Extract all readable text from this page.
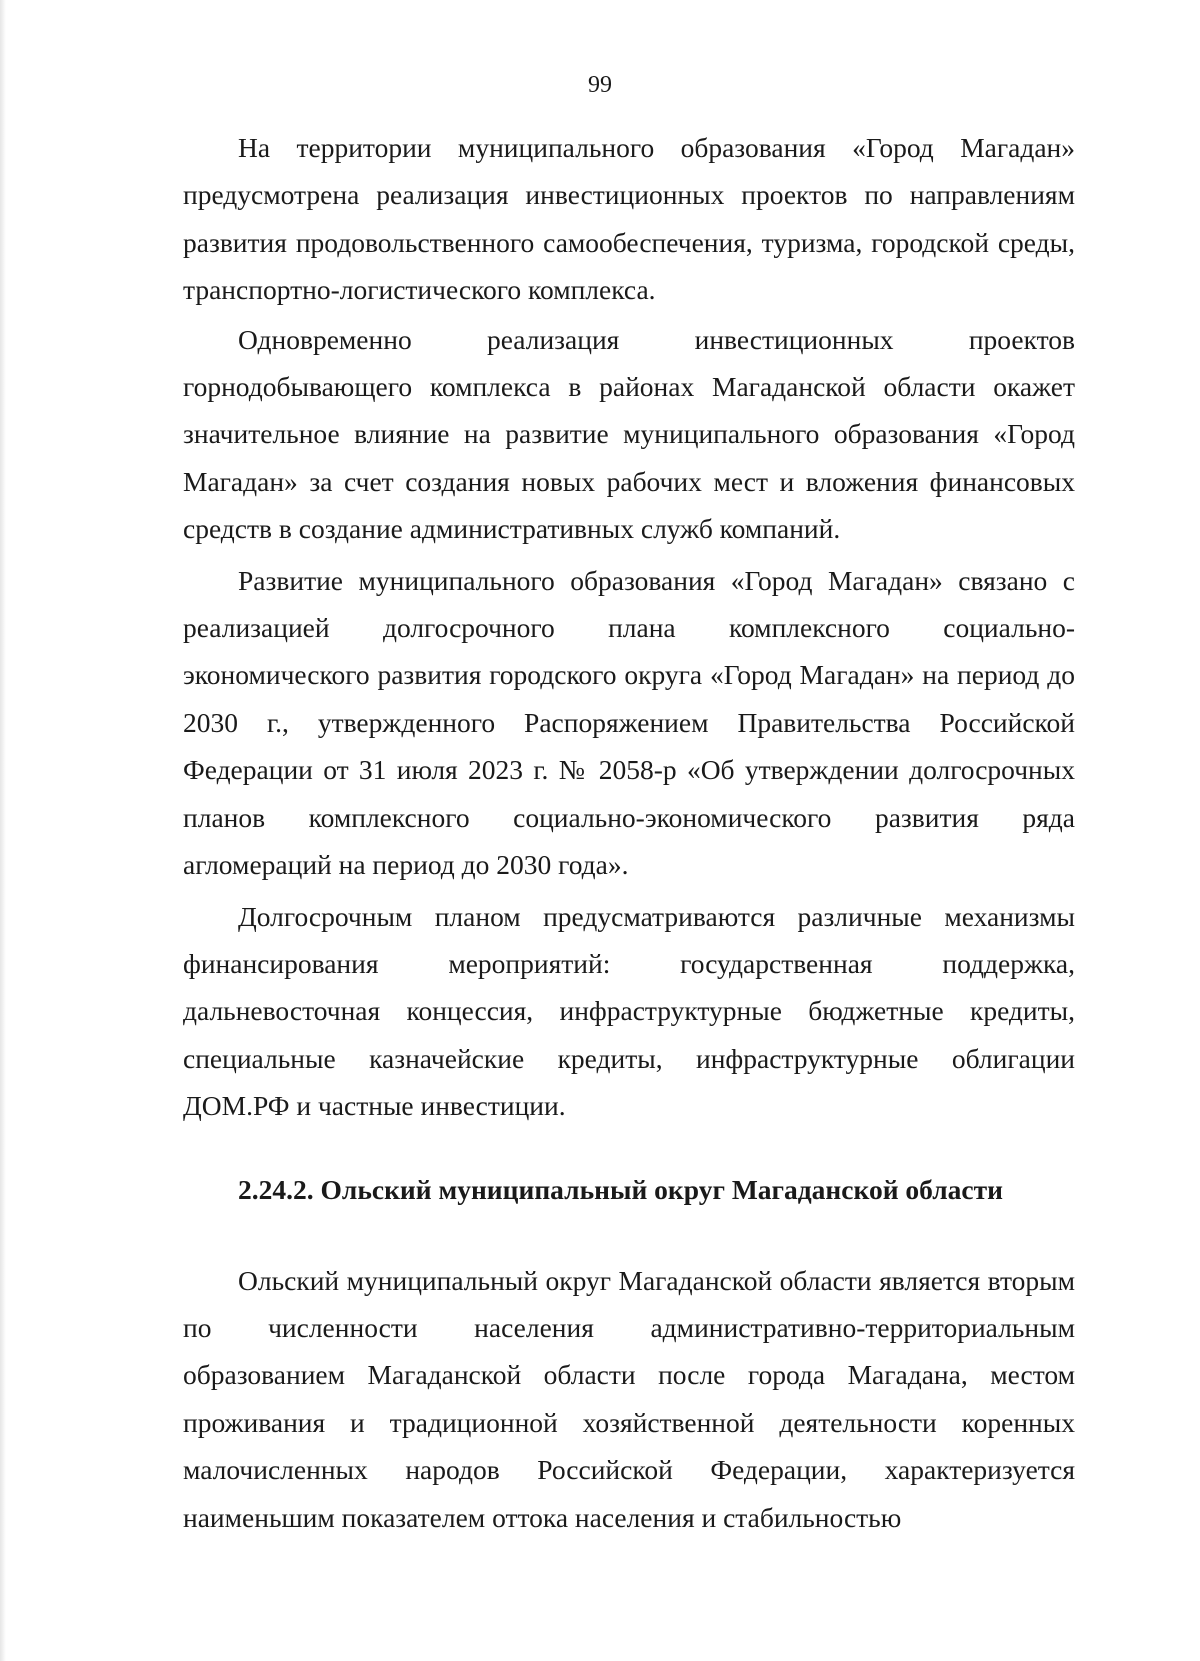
99

На территории муниципального образования «Город Магадан» предусмотрена реализация инвестиционных проектов по направлениям развития продовольственного самообеспечения, туризма, городской среды, транспортно-логистического комплекса.

Одновременно реализация инвестиционных проектов горнодобывающего комплекса в районах Магаданской области окажет значительное влияние на развитие муниципального образования «Город Магадан» за счет создания новых рабочих мест и вложения финансовых средств в создание административных служб компаний.

Развитие муниципального образования «Город Магадан» связано с реализацией долгосрочного плана комплексного социально-экономического развития городского округа «Город Магадан» на период до 2030 г., утвержденного Распоряжением Правительства Российской Федерации от 31 июля 2023 г. № 2058-р «Об утверждении долгосрочных планов комплексного социально-экономического развития ряда агломераций на период до 2030 года».

Долгосрочным планом предусматриваются различные механизмы финансирования мероприятий: государственная поддержка, дальневосточная концессия, инфраструктурные бюджетные кредиты, специальные казначейские кредиты, инфраструктурные облигации ДОМ.РФ и частные инвестиции.

2.24.2. Ольский муниципальный округ Магаданской области

Ольский муниципальный округ Магаданской области является вторым по численности населения административно-территориальным образованием Магаданской области после города Магадана, местом проживания и традиционной хозяйственной деятельности коренных малочисленных народов Российской Федерации, характеризуется наименьшим показателем оттока населения и стабильностью
